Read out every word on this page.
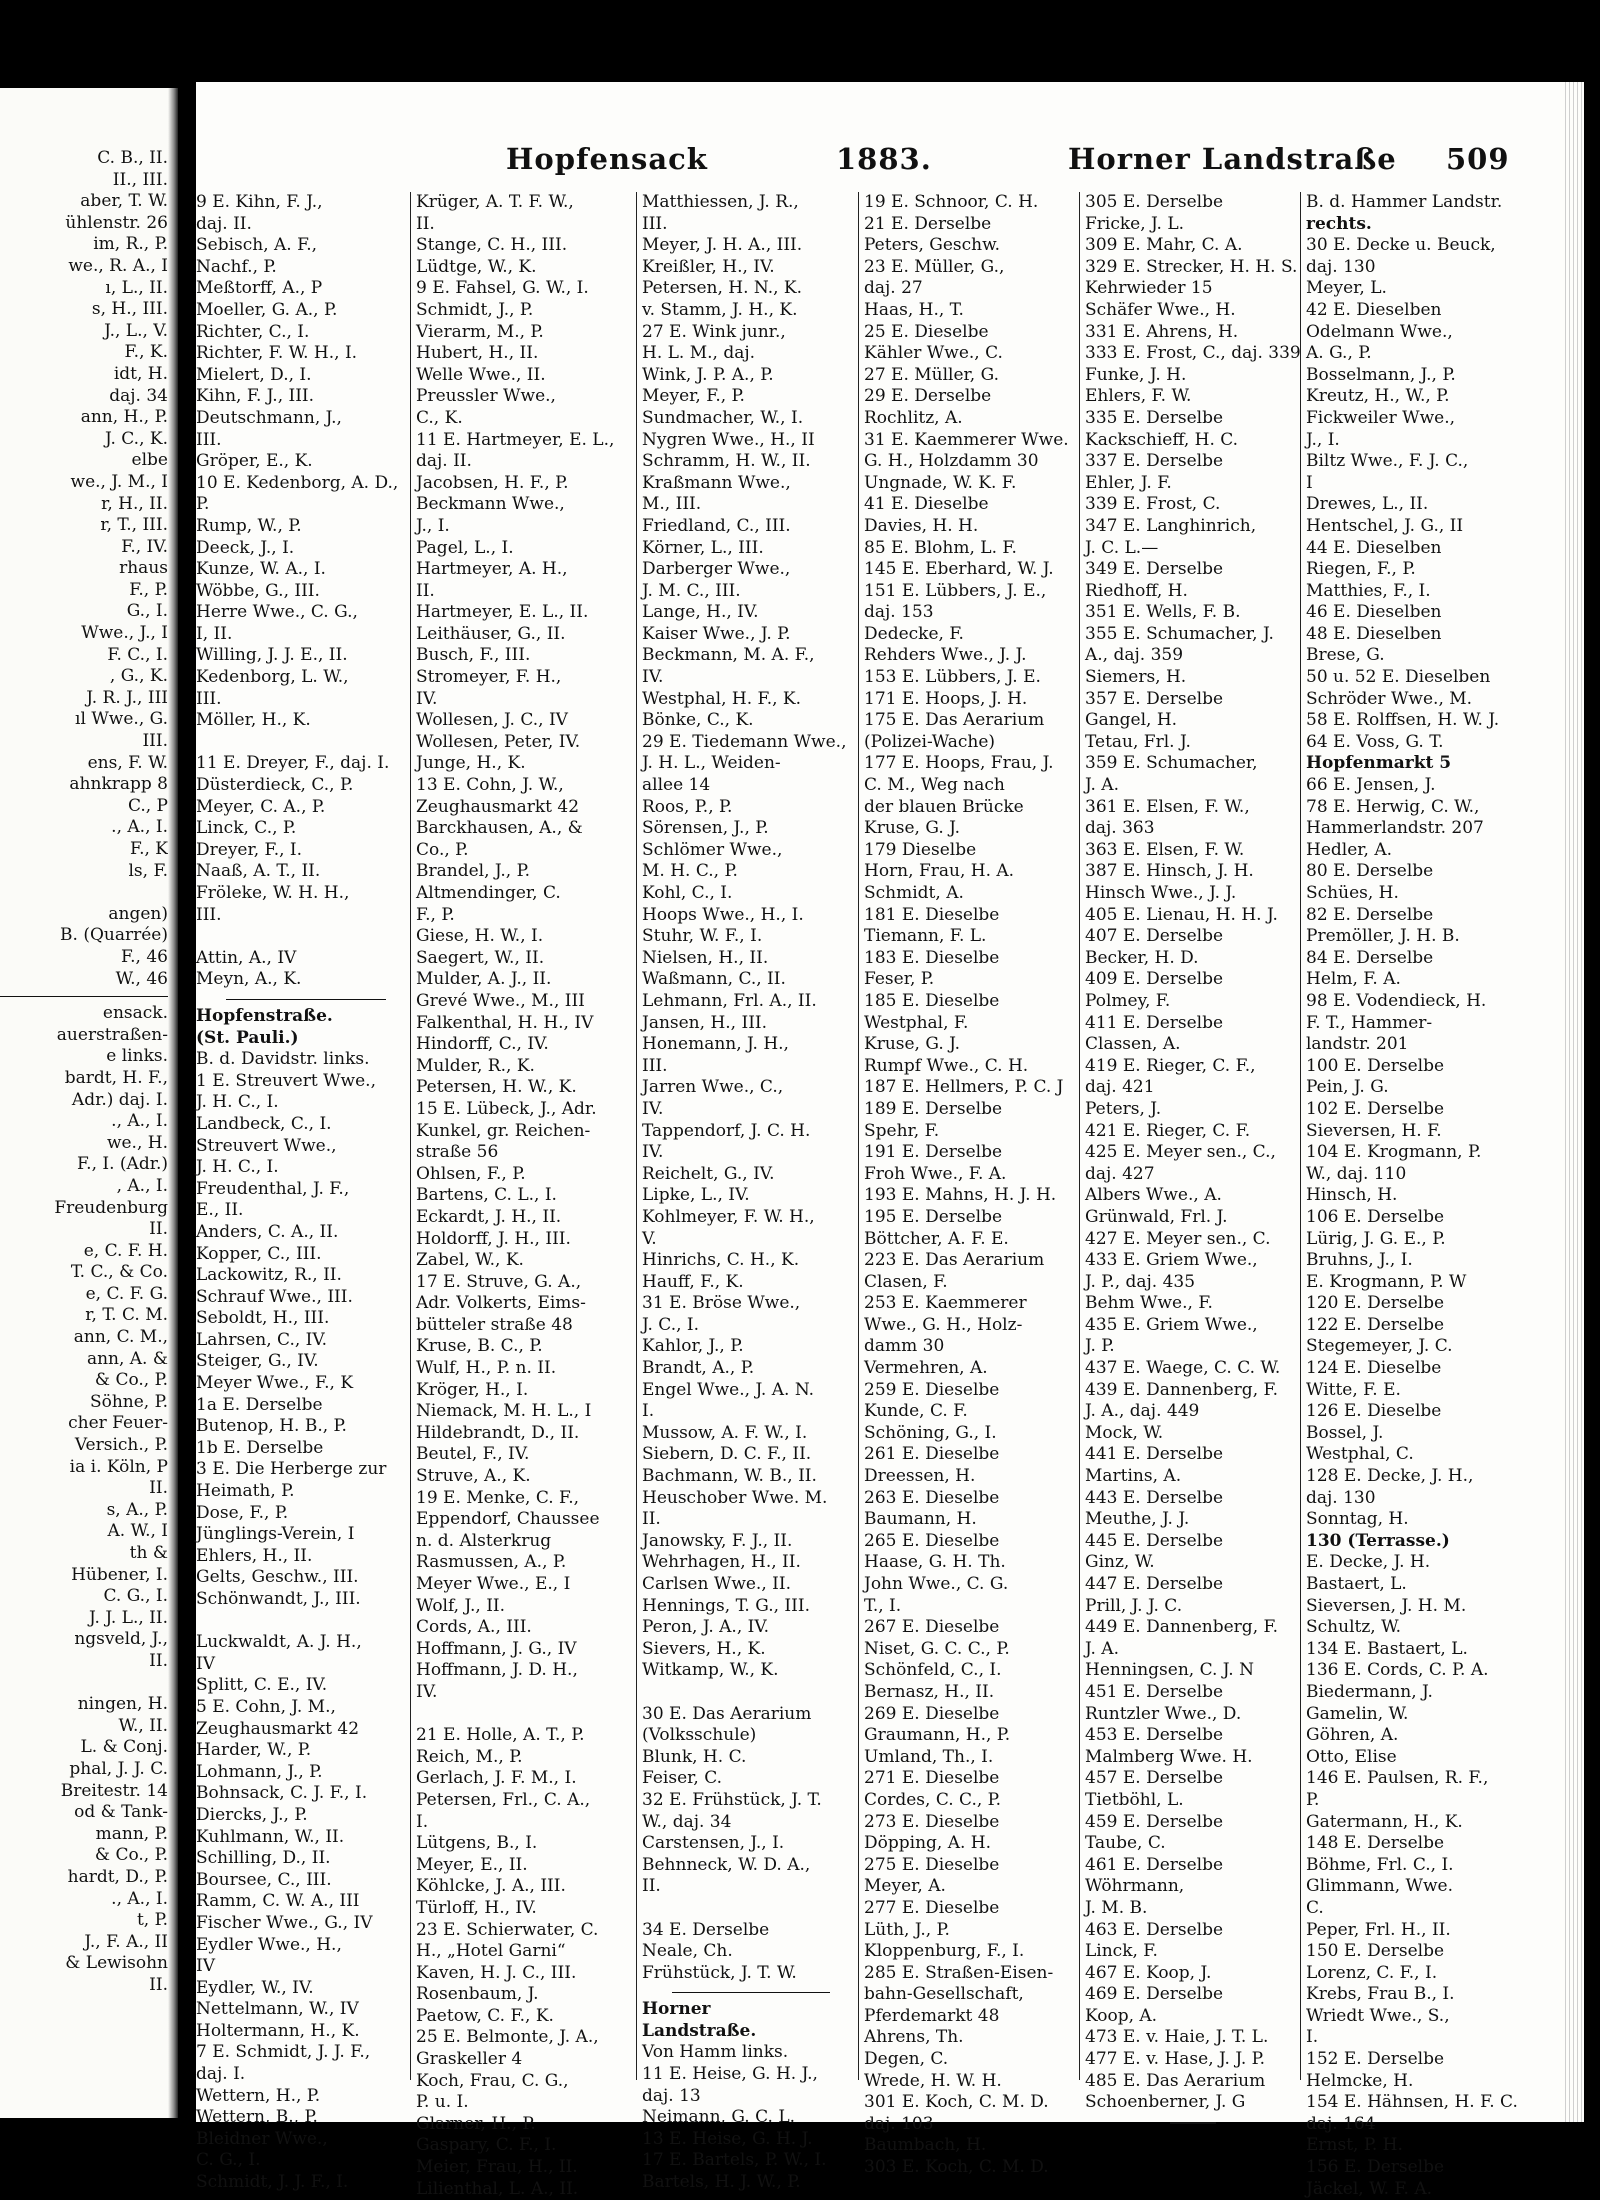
C. B., II.
II., III.
aber, T. W.
ühlenstr. 26
im, R., P.
we., R. A., I
ı, L., II.
s, H., III.
J., L., V.
F., K.
idt, H.
daj. 34
ann, H., P.
J. C., K.
elbe
we., J. M., I
r, H., II.
r, T., III.
F., IV.
rhaus
F., P.
G., I.
Wwe., J., I
F. C., I.
, G., K.
J. R. J., III
ıl Wwe., G.
III.
ens, F. W.
ahnkrapp 8
C., P
., A., I.
F., K
ls, F.
angen)
B. (Quarrée)
F., 46
W., 46
ensack.
auerstraßen-
e links.
bardt, H. F.,
Adr.) daj. I.
., A., I.
we., H.
F., I. (Adr.)
, A., I.
Freudenburg
II.
e, C. F. H.
T. C., & Co.
e, C. F. G.
r, T. C. M.
ann, C. M.,
ann, A. &
& Co., P.
Söhne, P.
cher Feuer-
Versich., P.
ia i. Köln, P
II.
s, A., P.
A. W., I
th &
Hübener, I.
C. G., I.
J. J. L., II.
ngsveld, J.,
II.
ningen, H.
W., II.
L. & Conj.
phal, J. J. C.
Breitestr. 14
od & Tank-
mann, P.
& Co., P.
hardt, D., P.
., A., I.
t, P.
J., F. A., II
& Lewisohn
II.
Hopfensack	1883.	Horner Landstraße 509
9 E. Kihn, F. J.,
daj. II.
Sebisch, A. F.,
Nachf., P.
Meßtorff, A., P
Moeller, G. A., P.
Richter, C., I.
Richter, F. W. H., I.
Mielert, D., I.
Kihn, F. J., III.
Deutschmann, J.,
III.
Gröper, E., K.
10 E. Kedenborg, A. D.,
P.
Rump, W., P.
Deeck, J., I.
Kunze, W. A., I.
Wöbbe, G., III.
Herre Wwe., C. G.,
I, II.
Willing, J. J. E., II.
Kedenborg, L. W.,
III.
Möller, H., K.
11 E. Dreyer, F., daj. I.
Düsterdieck, C., P.
Meyer, C. A., P.
Linck, C., P.
Dreyer, F., I.
Naaß, A. T., II.
Fröleke, W. H. H.,
III.
Attin, A., IV
Meyn, A., K.
Hopfenstraße.
(St. Pauli.)
B. d. Davidstr. links.
1 E. Streuvert Wwe.,
J. H. C., I.
Landbeck, C., I.
Streuvert Wwe.,
J. H. C., I.
Freudenthal, J. F.,
E., II.
Anders, C. A., II.
Kopper, C., III.
Lackowitz, R., II.
Schrauf Wwe., III.
Seboldt, H., III.
Lahrsen, C., IV.
Steiger, G., IV.
Meyer Wwe., F., K
1a E. Derselbe
Butenop, H. B., P.
1b E. Derselbe
3 E. Die Herberge zur
Heimath, P.
Dose, F., P.
Jünglings-Verein, I
Ehlers, H., II.
Gelts, Geschw., III.
Schönwandt, J., III.
Luckwaldt, A. J. H.,
IV
Splitt, C. E., IV.
5 E. Cohn, J. M.,
Zeughausmarkt 42
Harder, W., P.
Lohmann, J., P.
Bohnsack, C. J. F., I.
Diercks, J., P.
Kuhlmann, W., II.
Schilling, D., II.
Boursee, C., III.
Ramm, C. W. A., III
Fischer Wwe., G., IV
Eydler Wwe., H.,
IV
Eydler, W., IV.
Nettelmann, W., IV
Holtermann, H., K.
7 E. Schmidt, J. J. F.,
daj. I.
Wettern, H., P.
Wettern, B., P.
Bleidner Wwe.,
C. G., I.
Schmidt, J. J. F., I.
Krüger, A. T. F. W.,
II.
Stange, C. H., III.
Lüdtge, W., K.
9 E. Fahsel, G. W., I.
Schmidt, J., P.
Vierarm, M., P.
Hubert, H., II.
Welle Wwe., II.
Preussler Wwe.,
C., K.
11 E. Hartmeyer, E. L.,
daj. II.
Jacobsen, H. F., P.
Beckmann Wwe.,
J., I.
Pagel, L., I.
Hartmeyer, A. H.,
II.
Hartmeyer, E. L., II.
Leithäuser, G., II.
Busch, F., III.
Stromeyer, F. H.,
IV.
Wollesen, J. C., IV
Wollesen, Peter, IV.
Junge, H., K.
13 E. Cohn, J. W.,
Zeughausmarkt 42
Barckhausen, A., &
Co., P.
Brandel, J., P.
Altmendinger, C.
F., P.
Giese, H. W., I.
Saegert, W., II.
Mulder, A. J., II.
Grevé Wwe., M., III
Falkenthal, H. H., IV
Hindorff, C., IV.
Mulder, R., K.
Petersen, H. W., K.
15 E. Lübeck, J., Adr.
Kunkel, gr. Reichen-
straße 56
Ohlsen, F., P.
Bartens, C. L., I.
Eckardt, J. H., II.
Holdorff, J. H., III.
Zabel, W., K.
17 E. Struve, G. A.,
Adr. Volkerts, Eims-
bütteler straße 48
Kruse, B. C., P.
Wulf, H., P. n. II.
Kröger, H., I.
Niemack, M. H. L., I
Hildebrandt, D., II.
Beutel, F., IV.
Struve, A., K.
19 E. Menke, C. F.,
Eppendorf, Chaussee
n. d. Alsterkrug
Rasmussen, A., P.
Meyer Wwe., E., I
Wolf, J., II.
Cords, A., III.
Hoffmann, J. G., IV
Hoffmann, J. D. H.,
IV.
21 E. Holle, A. T., P.
Reich, M., P.
Gerlach, J. F. M., I.
Petersen, Frl., C. A.,
I.
Lütgens, B., I.
Meyer, E., II.
Köhlcke, J. A., III.
Türloff, H., IV.
23 E. Schierwater, C.
H., „Hotel Garni“
Kaven, H. J. C., III.
Rosenbaum, J.
Paetow, C. F., K.
25 E. Belmonte, J. A.,
Graskeller 4
Koch, Frau, C. G.,
P. u. I.
Glarner, H., P.
Gaspary, C. F., I.
Meier, Frau, H., II.
Lilienthal, L. A., II.
Matthiessen, J. R.,
III.
Meyer, J. H. A., III.
Kreißler, H., IV.
Petersen, H. N., K.
v. Stamm, J. H., K.
27 E. Wink junr.,
H. L. M., daj.
Wink, J. P. A., P.
Meyer, F., P.
Sundmacher, W., I.
Nygren Wwe., H., II
Schramm, H. W., II.
Kraßmann Wwe.,
M., III.
Friedland, C., III.
Körner, L., III.
Darberger Wwe.,
J. M. C., III.
Lange, H., IV.
Kaiser Wwe., J. P.
Beckmann, M. A. F.,
IV.
Westphal, H. F., K.
Bönke, C., K.
29 E. Tiedemann Wwe.,
J. H. L., Weiden-
allee 14
Roos, P., P.
Sörensen, J., P.
Schlömer Wwe.,
M. H. C., P.
Kohl, C., I.
Hoops Wwe., H., I.
Stuhr, W. F., I.
Nielsen, H., II.
Waßmann, C., II.
Lehmann, Frl. A., II.
Jansen, H., III.
Honemann, J. H.,
III.
Jarren Wwe., C.,
IV.
Tappendorf, J. C. H.
IV.
Reichelt, G., IV.
Lipke, L., IV.
Kohlmeyer, F. W. H.,
V.
Hinrichs, C. H., K.
Hauff, F., K.
31 E. Bröse Wwe.,
J. C., I.
Kahlor, J., P.
Brandt, A., P.
Engel Wwe., J. A. N.
I.
Mussow, A. F. W., I.
Siebern, D. C. F., II.
Bachmann, W. B., II.
Heuschober Wwe. M.
II.
Janowsky, F. J., II.
Wehrhagen, H., II.
Carlsen Wwe., II.
Hennings, T. G., III.
Peron, J. A., IV.
Sievers, H., K.
Witkamp, W., K.
30 E. Das Aerarium
(Volksschule)
Blunk, H. C.
Feiser, C.
32 E. Frühstück, J. T.
W., daj. 34
Carstensen, J., I.
Behnneck, W. D. A.,
II.
34 E. Derselbe
Neale, Ch.
Frühstück, J. T. W.
Horner
Landstraße.
Von Hamm links.
11 E. Heise, G. H. J.,
daj. 13
Neimann, G. C. L.
13 E. Heise, G. H. J.
17 E. Bartels, P. W., I.
Bartels, H. J. W., P.
19 E. Schnoor, C. H.
21 E. Derselbe
Peters, Geschw.
23 E. Müller, G.,
daj. 27
Haas, H., T.
25 E. Dieselbe
Kähler Wwe., C.
27 E. Müller, G.
29 E. Derselbe
Rochlitz, A.
31 E. Kaemmerer Wwe.
G. H., Holzdamm 30
Ungnade, W. K. F.
41 E. Dieselbe
Davies, H. H.
85 E. Blohm, L. F.
145 E. Eberhard, W. J.
151 E. Lübbers, J. E.,
daj. 153
Dedecke, F.
Rehders Wwe., J. J.
153 E. Lübbers, J. E.
171 E. Hoops, J. H.
175 E. Das Aerarium
(Polizei-Wache)
177 E. Hoops, Frau, J.
C. M., Weg nach
der blauen Brücke
Kruse, G. J.
179 Dieselbe
Horn, Frau, H. A.
Schmidt, A.
181 E. Dieselbe
Tiemann, F. L.
183 E. Dieselbe
Feser, P.
185 E. Dieselbe
Westphal, F.
Kruse, G. J.
Rumpf Wwe., C. H.
187 E. Hellmers, P. C. J
189 E. Derselbe
Spehr, F.
191 E. Derselbe
Froh Wwe., F. A.
193 E. Mahns, H. J. H.
195 E. Derselbe
Böttcher, A. F. E.
223 E. Das Aerarium
Clasen, F.
253 E. Kaemmerer
Wwe., G. H., Holz-
damm 30
Vermehren, A.
259 E. Dieselbe
Kunde, C. F.
Schöning, G., I.
261 E. Dieselbe
Dreessen, H.
263 E. Dieselbe
Baumann, H.
265 E. Dieselbe
Haase, G. H. Th.
John Wwe., C. G.
T., I.
267 E. Dieselbe
Niset, G. C. C., P.
Schönfeld, C., I.
Bernasz, H., II.
269 E. Dieselbe
Graumann, H., P.
Umland, Th., I.
271 E. Dieselbe
Cordes, C. C., P.
273 E. Dieselbe
Döpping, A. H.
275 E. Dieselbe
Meyer, A.
277 E. Dieselbe
Lüth, J., P.
Kloppenburg, F., I.
285 E. Straßen-Eisen-
bahn-Gesellschaft,
Pferdemarkt 48
Ahrens, Th.
Degen, C.
Wrede, H. W. H.
301 E. Koch, C. M. D.
daj. 103
Baumbach, H.
303 E. Koch, C. M. D.
305 E. Derselbe
Fricke, J. L.
309 E. Mahr, C. A.
329 E. Strecker, H. H. S.
Kehrwieder 15
Schäfer Wwe., H.
331 E. Ahrens, H.
333 E. Frost, C., daj. 339
Funke, J. H.
Ehlers, F. W.
335 E. Derselbe
Kackschieff, H. C.
337 E. Derselbe
Ehler, J. F.
339 E. Frost, C.
347 E. Langhinrich,
J. C. L.—
349 E. Derselbe
Riedhoff, H.
351 E. Wells, F. B.
355 E. Schumacher, J.
A., daj. 359
Siemers, H.
357 E. Derselbe
Gangel, H.
Tetau, Frl. J.
359 E. Schumacher,
J. A.
361 E. Elsen, F. W.,
daj. 363
363 E. Elsen, F. W.
387 E. Hinsch, J. H.
Hinsch Wwe., J. J.
405 E. Lienau, H. H. J.
407 E. Derselbe
Becker, H. D.
409 E. Derselbe
Polmey, F.
411 E. Derselbe
Classen, A.
419 E. Rieger, C. F.,
daj. 421
Peters, J.
421 E. Rieger, C. F.
425 E. Meyer sen., C.,
daj. 427
Albers Wwe., A.
Grünwald, Frl. J.
427 E. Meyer sen., C.
433 E. Griem Wwe.,
J. P., daj. 435
Behm Wwe., F.
435 E. Griem Wwe.,
J. P.
437 E. Waege, C. C. W.
439 E. Dannenberg, F.
J. A., daj. 449
Mock, W.
441 E. Derselbe
Martins, A.
443 E. Derselbe
Meuthe, J. J.
445 E. Derselbe
Ginz, W.
447 E. Derselbe
Prill, J. J. C.
449 E. Dannenberg, F.
J. A.
Henningsen, C. J. N
451 E. Derselbe
Runtzler Wwe., D.
453 E. Derselbe
Malmberg Wwe. H.
457 E. Derselbe
Tietböhl, L.
459 E. Derselbe
Taube, C.
461 E. Derselbe
Wöhrmann,
J. M. B.
463 E. Derselbe
Linck, F.
467 E. Koop, J.
469 E. Derselbe
Koop, A.
473 E. v. Haie, J. T. L.
477 E. v. Hase, J. J. P.
485 E. Das Aerarium
Schoenberner, J. G
B. d. Hammer Landstr.
rechts.
30 E. Decke u. Beuck,
daj. 130
Meyer, L.
42 E. Dieselben
Odelmann Wwe.,
A. G., P.
Bosselmann, J., P.
Kreutz, H., W., P.
Fickweiler Wwe.,
J., I.
Biltz Wwe., F. J. C.,
I
Drewes, L., II.
Hentschel, J. G., II
44 E. Dieselben
Riegen, F., P.
Matthies, F., I.
46 E. Dieselben
48 E. Dieselben
Brese, G.
50 u. 52 E. Dieselben
Schröder Wwe., M.
58 E. Rolffsen, H. W. J.
64 E. Voss, G. T.
Hopfenmarkt 5
66 E. Jensen, J.
78 E. Herwig, C. W.,
Hammerlandstr. 207
Hedler, A.
80 E. Derselbe
Schües, H.
82 E. Derselbe
Premöller, J. H. B.
84 E. Derselbe
Helm, F. A.
98 E. Vodendieck, H.
F. T., Hammer-
landstr. 201
100 E. Derselbe
Pein, J. G.
102 E. Derselbe
Sieversen, H. F.
104 E. Krogmann, P.
W., daj. 110
Hinsch, H.
106 E. Derselbe
Lürig, J. G. E., P.
Bruhns, J., I.
E. Krogmann, P. W
120 E. Derselbe
122 E. Derselbe
Stegemeyer, J. C.
124 E. Dieselbe
Witte, F. E.
126 E. Dieselbe
Bossel, J.
Westphal, C.
128 E. Decke, J. H.,
daj. 130
Sonntag, H.
130 (Terrasse.)
E. Decke, J. H.
Bastaert, L.
Sieversen, J. H. M.
Schultz, W.
134 E. Bastaert, L.
136 E. Cords, C. P. A.
Biedermann, J.
Gamelin, W.
Göhren, A.
Otto, Elise
146 E. Paulsen, R. F.,
P.
Gatermann, H., K.
148 E. Derselbe
Böhme, Frl. C., I.
Glimmann, Wwe.
C.
Peper, Frl. H., II.
150 E. Derselbe
Lorenz, C. F., I.
Krebs, Frau B., I.
Wriedt Wwe., S.,
I.
152 E. Derselbe
Helmcke, H.
154 E. Hähnsen, H. F. C.
daj. 164
Ernst, P. H.
156 E. Derselbe
Jäckel, W. F. A.
